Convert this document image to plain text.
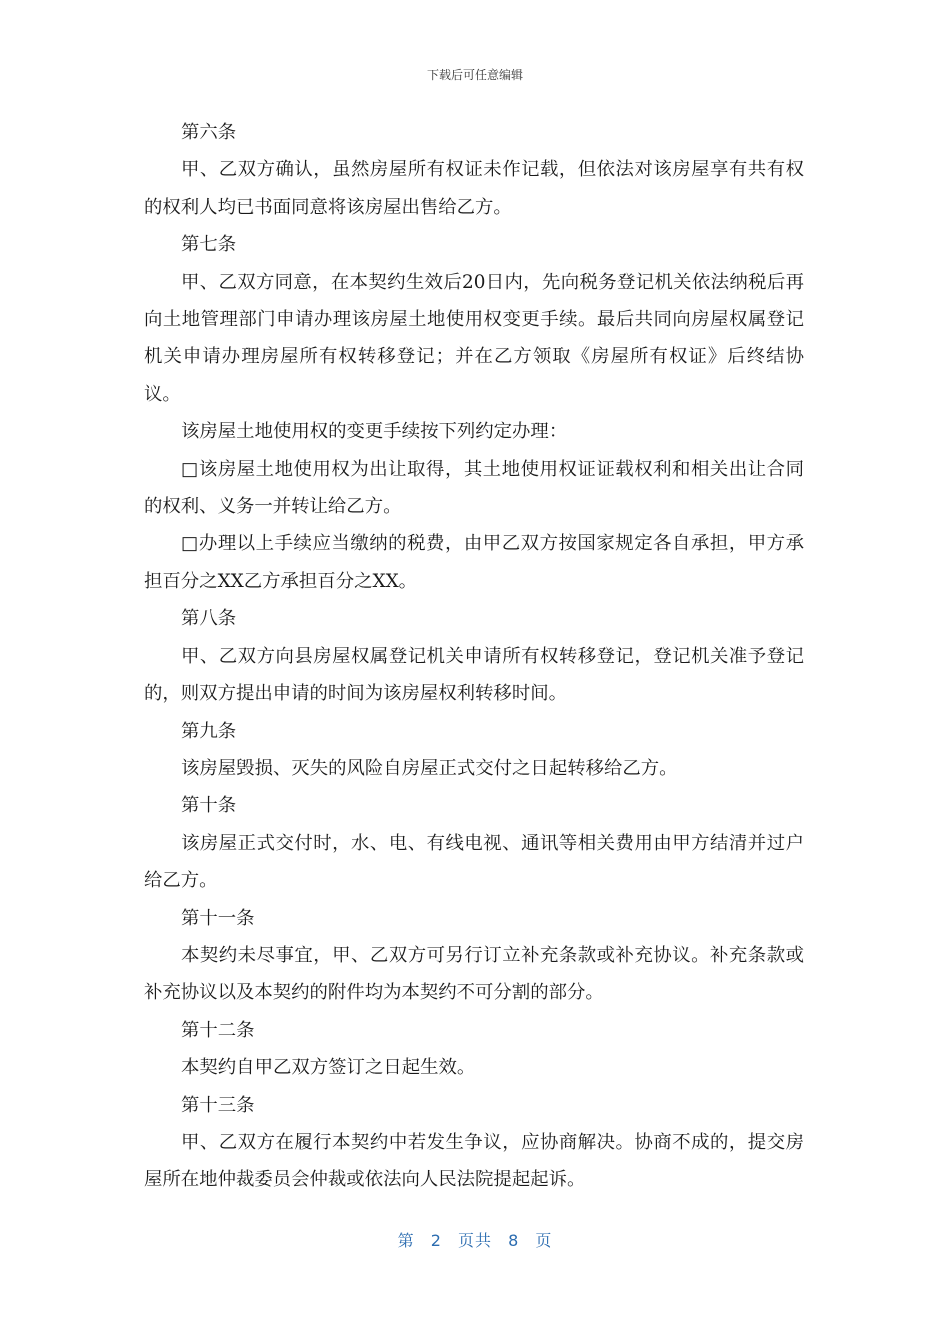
下载后可任意编辑

第六条

甲、乙双方确认，虽然房屋所有权证未作记载，但依法对该房屋享有共有权的权利人均已书面同意将该房屋出售给乙方。

第七条

甲、乙双方同意，在本契约生效后20日内，先向税务登记机关依法纳税后再向土地管理部门申请办理该房屋土地使用权变更手续。最后共同向房屋权属登记机关申请办理房屋所有权转移登记；并在乙方领取《房屋所有权证》后终结协议。

该房屋土地使用权的变更手续按下列约定办理：

□该房屋土地使用权为出让取得，其土地使用权证证载权利和相关出让合同的权利、义务一并转让给乙方。

□办理以上手续应当缴纳的税费，由甲乙双方按国家规定各自承担，甲方承担百分之XX乙方承担百分之XX。

第八条

甲、乙双方向县房屋权属登记机关申请所有权转移登记，登记机关准予登记的，则双方提出申请的时间为该房屋权利转移时间。

第九条

该房屋毁损、灭失的风险自房屋正式交付之日起转移给乙方。

第十条

该房屋正式交付时，水、电、有线电视、通讯等相关费用由甲方结清并过户给乙方。

第十一条

本契约未尽事宜，甲、乙双方可另行订立补充条款或补充协议。补充条款或补充协议以及本契约的附件均为本契约不可分割的部分。

第十二条

本契约自甲乙双方签订之日起生效。

第十三条

甲、乙双方在履行本契约中若发生争议，应协商解决。协商不成的，提交房屋所在地仲裁委员会仲裁或依法向人民法院提起起诉。

第 2 页共 8 页
